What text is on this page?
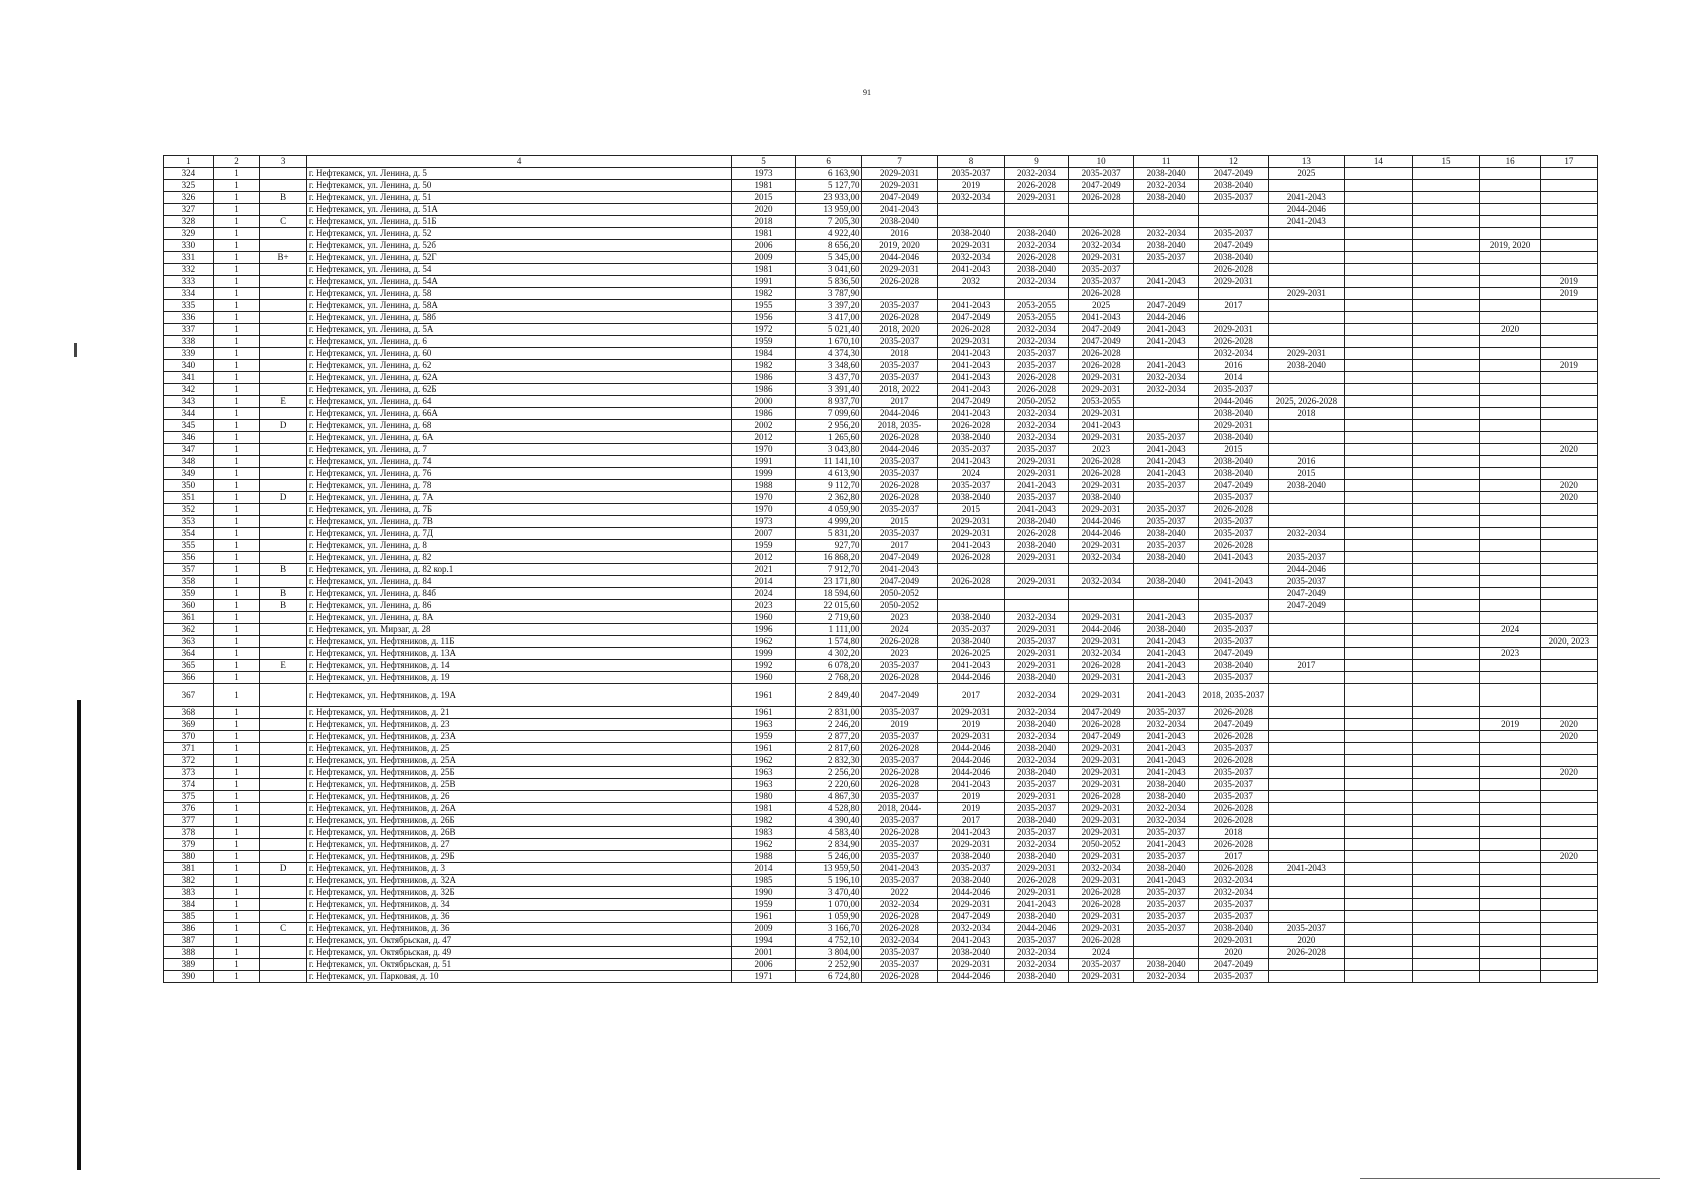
91
1	2	3	4	5	6	7	8	9	10	11	12	13	14	15	16	17
324	1		г. Нефтекамск, ул. Ленина, д. 5	1973	6 163,90	2029-2031	2035-2037	2032-2034	2035-2037	2038-2040	2047-2049	2025				
325	1		г. Нефтекамск, ул. Ленина, д. 50	1981	5 127,70	2029-2031	2019	2026-2028	2047-2049	2032-2034	2038-2040					
326	1	В	г. Нефтекамск, ул. Ленина, д. 51	2015	23 933,00	2047-2049	2032-2034	2029-2031	2026-2028	2038-2040	2035-2037	2041-2043				
327	1		г. Нефтекамск, ул. Ленина, д. 51А	2020	13 959,00	2041-2043						2044-2046				
328	1	С	г. Нефтекамск, ул. Ленина, д. 51Б	2018	7 205,30	2038-2040						2041-2043				
329	1		г. Нефтекамск, ул. Ленина, д. 52	1981	4 922,40	2016	2038-2040	2038-2040	2026-2028	2032-2034	2035-2037					
330	1		г. Нефтекамск, ул. Ленина, д. 52б	2006	8 656,20	2019, 2020	2029-2031	2032-2034	2032-2034	2038-2040	2047-2049				2019, 2020	
331	1	В+	г. Нефтекамск, ул. Ленина, д. 52Г	2009	5 345,00	2044-2046	2032-2034	2026-2028	2029-2031	2035-2037	2038-2040					
332	1		г. Нефтекамск, ул. Ленина, д. 54	1981	3 041,60	2029-2031	2041-2043	2038-2040	2035-2037		2026-2028					
333	1		г. Нефтекамск, ул. Ленина, д. 54А	1991	5 836,50	2026-2028	2032	2032-2034	2035-2037	2041-2043	2029-2031					2019
334	1		г. Нефтекамск, ул. Ленина, д. 58	1982	3 787,90				2026-2028			2029-2031				2019
335	1		г. Нефтекамск, ул. Ленина, д. 58А	1955	3 397,20	2035-2037	2041-2043	2053-2055	2025	2047-2049	2017					
336	1		г. Нефтекамск, ул. Ленина, д. 58б	1956	3 417,00	2026-2028	2047-2049	2053-2055	2041-2043	2044-2046						
337	1		г. Нефтекамск, ул. Ленина, д. 5А	1972	5 021,40	2018, 2020	2026-2028	2032-2034	2047-2049	2041-2043	2029-2031				2020	
338	1		г. Нефтекамск, ул. Ленина, д. 6	1959	1 670,10	2035-2037	2029-2031	2032-2034	2047-2049	2041-2043	2026-2028					
339	1		г. Нефтекамск, ул. Ленина, д. 60	1984	4 374,30	2018	2041-2043	2035-2037	2026-2028		2032-2034	2029-2031				
340	1		г. Нефтекамск, ул. Ленина, д. 62	1982	3 348,60	2035-2037	2041-2043	2035-2037	2026-2028	2041-2043	2016	2038-2040				2019
341	1		г. Нефтекамск, ул. Ленина, д. 62А	1986	3 437,70	2035-2037	2041-2043	2026-2028	2029-2031	2032-2034	2014					
342	1		г. Нефтекамск, ул. Ленина, д. 62Б	1986	3 391,40	2018, 2022	2041-2043	2026-2028	2029-2031	2032-2034	2035-2037					
343	1	Е	г. Нефтекамск, ул. Ленина, д. 64	2000	8 937,70	2017	2047-2049	2050-2052	2053-2055		2044-2046	2025, 2026-2028				
344	1		г. Нефтекамск, ул. Ленина, д. 66А	1986	7 099,60	2044-2046	2041-2043	2032-2034	2029-2031		2038-2040	2018				
345	1	D	г. Нефтекамск, ул. Ленина, д. 68	2002	2 956,20	2018, 2035-	2026-2028	2032-2034	2041-2043		2029-2031					
346	1		г. Нефтекамск, ул. Ленина, д. 6А	2012	1 265,60	2026-2028	2038-2040	2032-2034	2029-2031	2035-2037	2038-2040					
347	1		г. Нефтекамск, ул. Ленина, д. 7	1970	3 043,80	2044-2046	2035-2037	2035-2037	2023	2041-2043	2015					2020
348	1		г. Нефтекамск, ул. Ленина, д. 74	1991	11 141,10	2035-2037	2041-2043	2029-2031	2026-2028	2041-2043	2038-2040	2016				
349	1		г. Нефтекамск, ул. Ленина, д. 76	1999	4 613,90	2035-2037	2024	2029-2031	2026-2028	2041-2043	2038-2040	2015				
350	1		г. Нефтекамск, ул. Ленина, д. 78	1988	9 112,70	2026-2028	2035-2037	2041-2043	2029-2031	2035-2037	2047-2049	2038-2040				2020
351	1	D	г. Нефтекамск, ул. Ленина, д. 7А	1970	2 362,80	2026-2028	2038-2040	2035-2037	2038-2040		2035-2037					2020
352	1		г. Нефтекамск, ул. Ленина, д. 7Б	1970	4 059,90	2035-2037	2015	2041-2043	2029-2031	2035-2037	2026-2028					
353	1		г. Нефтекамск, ул. Ленина, д. 7В	1973	4 999,20	2015	2029-2031	2038-2040	2044-2046	2035-2037	2035-2037					
354	1		г. Нефтекамск, ул. Ленина, д. 7Д	2007	5 831,20	2035-2037	2029-2031	2026-2028	2044-2046	2038-2040	2035-2037	2032-2034				
355	1		г. Нефтекамск, ул. Ленина, д. 8	1959	927,70	2017	2041-2043	2038-2040	2029-2031	2035-2037	2026-2028					
356	1		г. Нефтекамск, ул. Ленина, д. 82	2012	16 868,20	2047-2049	2026-2028	2029-2031	2032-2034	2038-2040	2041-2043	2035-2037				
357	1	В	г. Нефтекамск, ул. Ленина, д. 82 кор.1	2021	7 912,70	2041-2043						2044-2046				
358	1		г. Нефтекамск, ул. Ленина, д. 84	2014	23 171,80	2047-2049	2026-2028	2029-2031	2032-2034	2038-2040	2041-2043	2035-2037				
359	1	В	г. Нефтекамск, ул. Ленина, д. 84б	2024	18 594,60	2050-2052						2047-2049				
360	1	В	г. Нефтекамск, ул. Ленина, д. 86	2023	22 015,60	2050-2052						2047-2049				
361	1		г. Нефтекамск, ул. Ленина, д. 8А	1960	2 719,60	2023	2038-2040	2032-2034	2029-2031	2041-2043	2035-2037					
362	1		г. Нефтекамск, ул. Мирзаг, д. 28	1996	1 111,00	2024	2035-2037	2029-2031	2044-2046	2038-2040	2035-2037				2024	
363	1		г. Нефтекамск, ул. Нефтяников, д. 11Б	1962	1 574,80	2026-2028	2038-2040	2035-2037	2029-2031	2041-2043	2035-2037					2020, 2023
364	1		г. Нефтекамск, ул. Нефтяников, д. 13А	1999	4 302,20	2023	2026-2025	2029-2031	2032-2034	2041-2043	2047-2049				2023	
365	1	Е	г. Нефтекамск, ул. Нефтяников, д. 14	1992	6 078,20	2035-2037	2041-2043	2029-2031	2026-2028	2041-2043	2038-2040	2017				
366	1		г. Нефтекамск, ул. Нефтяников, д. 19	1960	2 768,20	2026-2028	2044-2046	2038-2040	2029-2031	2041-2043	2035-2037					
367	1		г. Нефтекамск, ул. Нефтяников, д. 19А	1961	2 849,40	2047-2049	2017	2032-2034	2029-2031	2041-2043	2018, 2035-2037					
368	1		г. Нефтекамск, ул. Нефтяников, д. 21	1961	2 831,00	2035-2037	2029-2031	2032-2034	2047-2049	2035-2037	2026-2028					
369	1		г. Нефтекамск, ул. Нефтяников, д. 23	1963	2 246,20	2019	2019	2038-2040	2026-2028	2032-2034	2047-2049				2019	2020
370	1		г. Нефтекамск, ул. Нефтяников, д. 23А	1959	2 877,20	2035-2037	2029-2031	2032-2034	2047-2049	2041-2043	2026-2028					2020
371	1		г. Нефтекамск, ул. Нефтяников, д. 25	1961	2 817,60	2026-2028	2044-2046	2038-2040	2029-2031	2041-2043	2035-2037					
372	1		г. Нефтекамск, ул. Нефтяников, д. 25А	1962	2 832,30	2035-2037	2044-2046	2032-2034	2029-2031	2041-2043	2026-2028					
373	1		г. Нефтекамск, ул. Нефтяников, д. 25Б	1963	2 256,20	2026-2028	2044-2046	2038-2040	2029-2031	2041-2043	2035-2037					2020
374	1		г. Нефтекамск, ул. Нефтяников, д. 25В	1963	2 220,60	2026-2028	2041-2043	2035-2037	2029-2031	2038-2040	2035-2037					
375	1		г. Нефтекамск, ул. Нефтяников, д. 26	1980	4 867,30	2035-2037	2019	2029-2031	2026-2028	2038-2040	2035-2037					
376	1		г. Нефтекамск, ул. Нефтяников, д. 26А	1981	4 528,80	2018, 2044-	2019	2035-2037	2029-2031	2032-2034	2026-2028					
377	1		г. Нефтекамск, ул. Нефтяников, д. 26Б	1982	4 390,40	2035-2037	2017	2038-2040	2029-2031	2032-2034	2026-2028					
378	1		г. Нефтекамск, ул. Нефтяников, д. 26В	1983	4 583,40	2026-2028	2041-2043	2035-2037	2029-2031	2035-2037	2018					
379	1		г. Нефтекамск, ул. Нефтяников, д. 27	1962	2 834,90	2035-2037	2029-2031	2032-2034	2050-2052	2041-2043	2026-2028					
380	1		г. Нефтекамск, ул. Нефтяников, д. 29Б	1988	5 246,00	2035-2037	2038-2040	2038-2040	2029-2031	2035-2037	2017					2020
381	1	D	г. Нефтекамск, ул. Нефтяников, д. 3	2014	13 959,50	2041-2043	2035-2037	2029-2031	2032-2034	2038-2040	2026-2028	2041-2043				
382	1		г. Нефтекамск, ул. Нефтяников, д. 32А	1985	5 196,10	2035-2037	2038-2040	2026-2028	2029-2031	2041-2043	2032-2034					
383	1		г. Нефтекамск, ул. Нефтяников, д. 32Б	1990	3 470,40	2022	2044-2046	2029-2031	2026-2028	2035-2037	2032-2034					
384	1		г. Нефтекамск, ул. Нефтяников, д. 34	1959	1 070,00	2032-2034	2029-2031	2041-2043	2026-2028	2035-2037	2035-2037					
385	1		г. Нефтекамск, ул. Нефтяников, д. 36	1961	1 059,90	2026-2028	2047-2049	2038-2040	2029-2031	2035-2037	2035-2037					
386	1	С	г. Нефтекамск, ул. Нефтяников, д. 36	2009	3 166,70	2026-2028	2032-2034	2044-2046	2029-2031	2035-2037	2038-2040	2035-2037				
387	1		г. Нефтекамск, ул. Октябрьская, д. 47	1994	4 752,10	2032-2034	2041-2043	2035-2037	2026-2028		2029-2031	2020				
388	1		г. Нефтекамск, ул. Октябрьская, д. 49	2001	3 804,00	2035-2037	2038-2040	2032-2034	2024		2020	2026-2028				
389	1		г. Нефтекамск, ул. Октябрьская, д. 51	2006	2 252,90	2035-2037	2029-2031	2032-2034	2035-2037	2038-2040	2047-2049					
390	1		г. Нефтекамск, ул. Парковая, д. 10	1971	6 724,80	2026-2028	2044-2046	2038-2040	2029-2031	2032-2034	2035-2037					
